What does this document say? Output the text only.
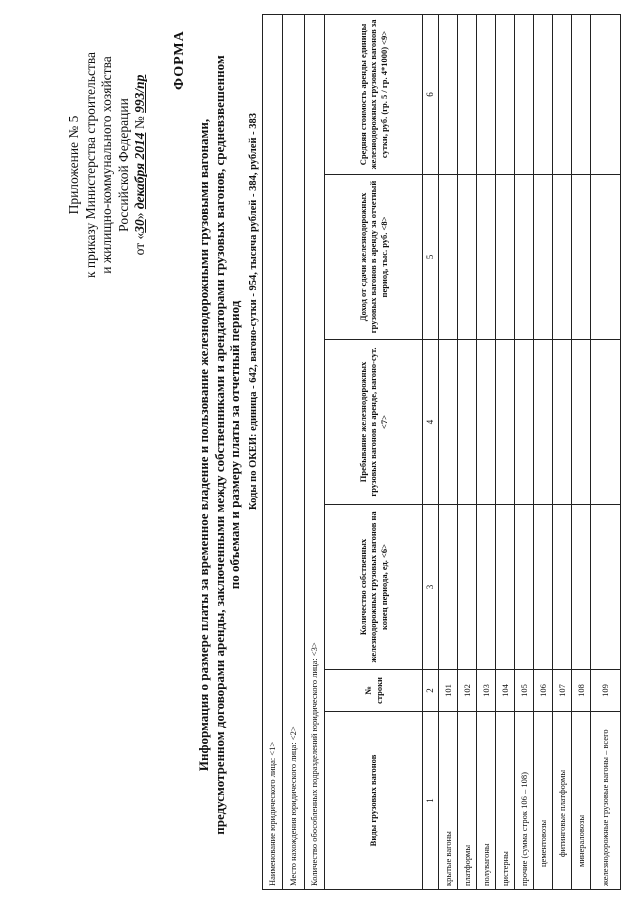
Приложение № 5 к приказу Министерства строительства и жилищно-коммунального хозяйства Российской Федерации
от «30» декабря 2014 № 993/пр
ФОРМА
Информация о размере платы за временное владение и пользование железнодорожными грузовыми вагонами, предусмотренном договорами аренды, заключенными между собственниками и арендаторами грузовых вагонов, средневзвешенном по объемам и размеру платы за отчетный период Коды по ОКЕИ: единица - 642, вагоно-сутки - 954, тысяча рублей - 384, рублей - 383
Наименование юридического лица: <1>					
Место нахождения юридического лица: <2>					
Количество обособленных подразделений юридического лица: <3>					
Виды грузовых вагонов	№ строки	Количество собственных железнодорожных грузовых вагонов на конец периода, ед. <6>	Пребывание железнодорожных грузовых вагонов в аренде, вагоно-сут. <7>	Доход от сдачи железнодорожных грузовых вагонов в аренду за отчетный период, тыс. руб. <8>	Средняя стоимость аренды единицы железнодорожных грузовых вагонов за сутки, руб. (гр. 5 / гр. 4*1000) <9>
1	2	3	4	5	6
крытые вагоны	101				
платформы	102				
полувагоны	103				
цистерны	104				
прочие (сумма строк 106 – 108)	105				
цементовозы	106				
фитинговые платформы	107				
минераловозы	108				
железнодорожные грузовые вагоны – всего	109				
